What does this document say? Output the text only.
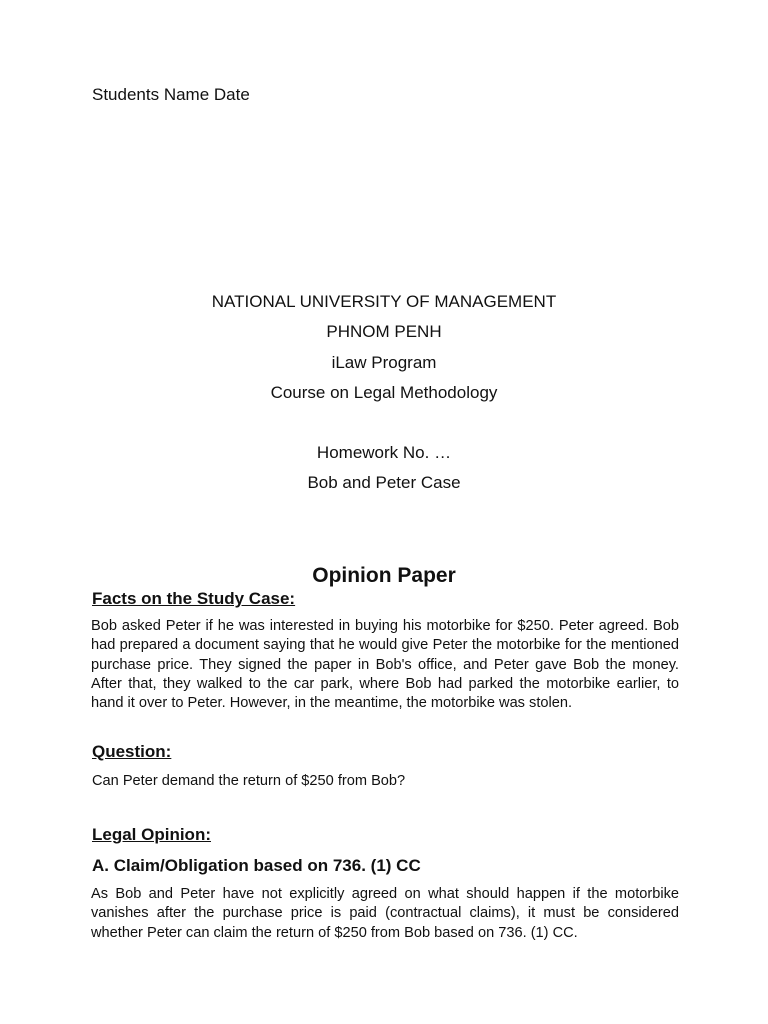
Students Name Date
NATIONAL UNIVERSITY OF MANAGEMENT
PHNOM PENH
iLaw Program
Course on Legal Methodology
Homework No. …
Bob and Peter Case
Opinion Paper
Facts on the Study Case:

Bob asked Peter if he was interested in buying his motorbike for $250. Peter agreed. Bob had prepared a document saying that he would give Peter the motorbike for the mentioned purchase price. They signed the paper in Bob's office, and Peter gave Bob the money. After that, they walked to the car park, where Bob had parked the motorbike earlier, to hand it over to Peter. However, in the meantime, the motorbike was stolen.

Question:

Can Peter demand the return of $250 from Bob?

Legal Opinion:
A. Claim/Obligation based on 736. (1) CC

As Bob and Peter have not explicitly agreed on what should happen if the motorbike vanishes after the purchase price is paid (contractual claims), it must be considered whether Peter can claim the return of $250 from Bob based on 736. (1) CC.
